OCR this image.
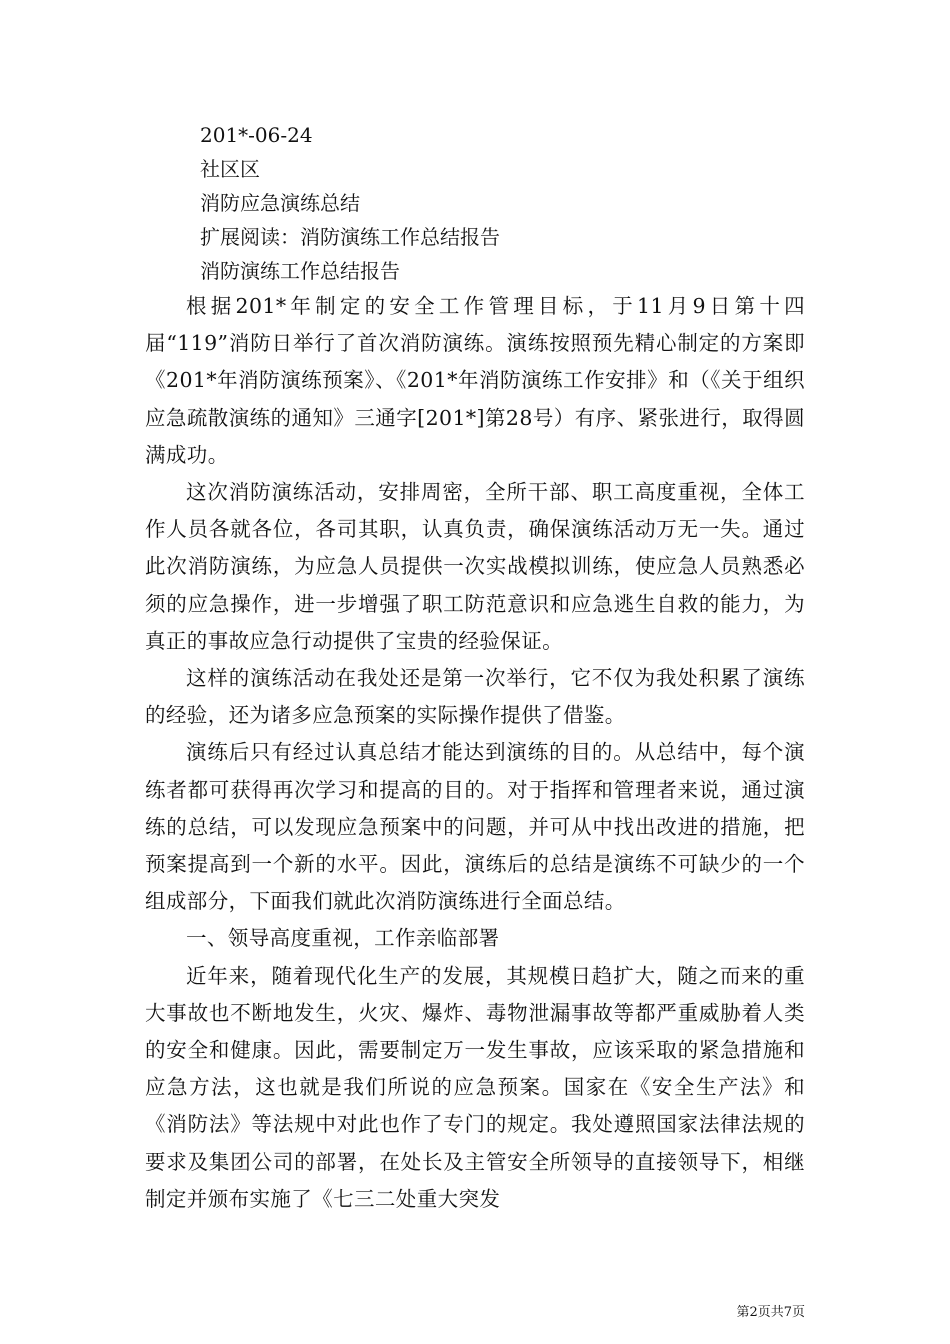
201*-06-24
社区区
消防应急演练总结
扩展阅读：消防演练工作总结报告
消防演练工作总结报告

根据201*年制定的安全工作管理目标，于11月9日第十四届“119”消防日举行了首次消防演练。演练按照预先精心制定的方案即《201*年消防演练预案》、《201*年消防演练工作安排》和（《关于组织应急疏散演练的通知》三通字[201*]第28号）有序、紧张进行，取得圆满成功。

这次消防演练活动，安排周密，全所干部、职工高度重视，全体工作人员各就各位，各司其职，认真负责，确保演练活动万无一失。通过此次消防演练，为应急人员提供一次实战模拟训练，使应急人员熟悉必须的应急操作，进一步增强了职工防范意识和应急逃生自救的能力，为真正的事故应急行动提供了宝贵的经验保证。

这样的演练活动在我处还是第一次举行，它不仅为我处积累了演练的经验，还为诸多应急预案的实际操作提供了借鉴。

演练后只有经过认真总结才能达到演练的目的。从总结中，每个演练者都可获得再次学习和提高的目的。对于指挥和管理者来说，通过演练的总结，可以发现应急预案中的问题，并可从中找出改进的措施，把预案提高到一个新的水平。因此，演练后的总结是演练不可缺少的一个组成部分，下面我们就此次消防演练进行全面总结。

一、领导高度重视，工作亲临部署

近年来，随着现代化生产的发展，其规模日趋扩大，随之而来的重大事故也不断地发生，火灾、爆炸、毒物泄漏事故等都严重威胁着人类的安全和健康。因此，需要制定万一发生事故，应该采取的紧急措施和应急方法，这也就是我们所说的应急预案。国家在《安全生产法》和《消防法》等法规中对此也作了专门的规定。我处遵照国家法律法规的要求及集团公司的部署，在处长及主管安全所领导的直接领导下，相继制定并颁布实施了《七三二处重大突发

第2页共7页
